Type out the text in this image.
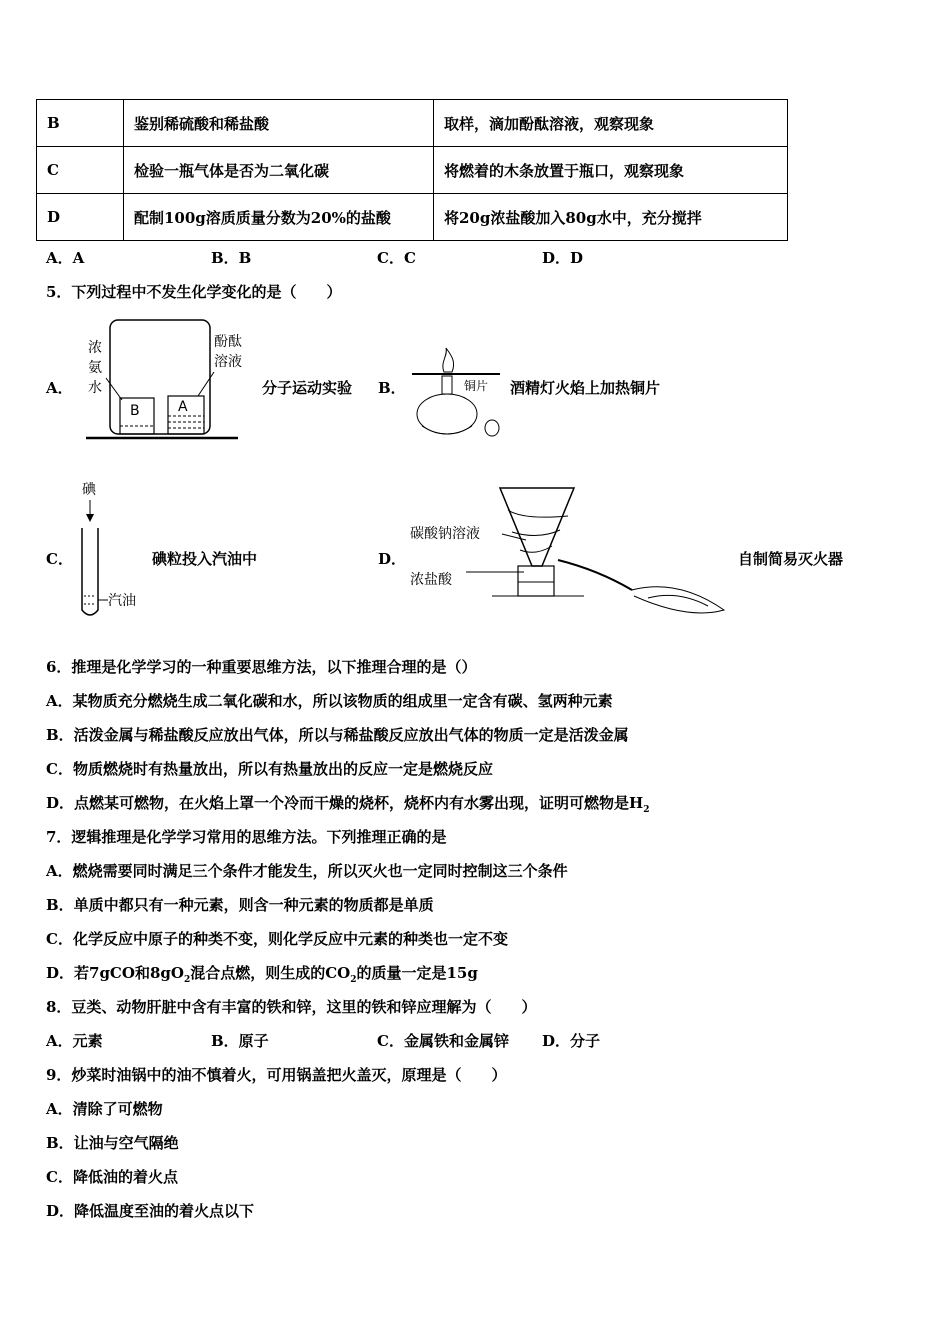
B	鉴别稀硫酸和稀盐酸	取样，滴加酚酞溶液，观察现象
C	检验一瓶气体是否为二氧化碳	将燃着的木条放置于瓶口，观察现象
D	配制100g溶质质量分数为20%的盐酸	将20g浓盐酸加入80g水中，充分搅拌
A．A	B．B	C．C	D．D
5．下列过程中不发生化学变化的是（　　）
A．
浓
氨
水
酚酞
溶液
B	A
分子运动实验 B．	铜片 酒精灯火焰上加热铜片
C．
碘
汽油
碘粒投入汽油中	D．
碳酸钠溶液
浓盐酸
自制简易灭火器
6．推理是化学学习的一种重要思维方法，以下推理合理的是（）
A．某物质充分燃烧生成二氧化碳和水，所以该物质的组成里一定含有碳、氢两种元素
B．活泼金属与稀盐酸反应放出气体，所以与稀盐酸反应放出气体的物质一定是活泼金属
C．物质燃烧时有热量放出，所以有热量放出的反应一定是燃烧反应
D．点燃某可燃物，在火焰上罩一个冷而干燥的烧杯，烧杯内有水雾出现，证明可燃物是$H_2$
7．逻辑推理是化学学习常用的思维方法。下列推理正确的是
A．燃烧需要同时满足三个条件才能发生，所以灭火也一定同时控制这三个条件
B．单质中都只有一种元素，则含一种元素的物质都是单质
C．化学反应中原子的种类不变，则化学反应中元素的种类也一定不变
D．若7gCO和$8gO_2$混合点燃，则生成的$CO_2$的质量一定是15g
8．豆类、动物肝脏中含有丰富的铁和锌，这里的铁和锌应理解为（　　）
A．元素	B．原子	C．金属铁和金属锌 D．分子
9．炒菜时油锅中的油不慎着火，可用锅盖把火盖灭，原理是（　　）
A．清除了可燃物
B．让油与空气隔绝
C．降低油的着火点
D．降低温度至油的着火点以下
